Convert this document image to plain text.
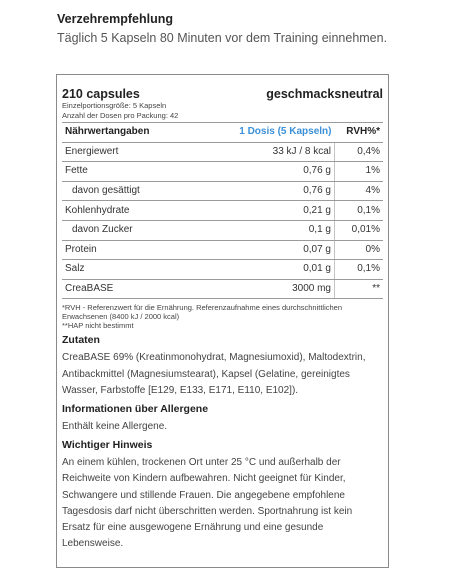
Verzehrempfehlung
Täglich 5 Kapseln 80 Minuten vor dem Training einnehmen.
210 capsules	geschmacksneutral
Einzelportionsgröße: 5 Kapseln
Anzahl der Dosen pro Packung: 42
Nährwertangaben	1 Dosis (5 Kapseln)	RVH%*
Energiewert	33 kJ / 8 kcal	0,4%
Fette	0,76 g	1%
davon gesättigt	0,76 g	4%
Kohlenhydrate	0,21 g	0,1%
davon Zucker	0,1 g	0,01%
Protein	0,07 g	0%
Salz	0,01 g	0,1%
CreaBASE	3000 mg	**
*RVH - Referenzwert für die Ernährung. Referenzaufnahme eines durchschnittlichen Erwachsenen (8400 kJ / 2000 kcal)
**HAP nicht bestimmt
Zutaten
CreaBASE 69% (Kreatinmonohydrat, Magnesiumoxid), Maltodextrin, Antibackmittel (Magnesiumstearat), Kapsel (Gelatine, gereinigtes Wasser, Farbstoffe [E129, E133, E171, E110, E102]).
Informationen über Allergene
Enthält keine Allergene.
Wichtiger Hinweis
An einem kühlen, trockenen Ort unter 25 °C und außerhalb der Reichweite von Kindern aufbewahren. Nicht geeignet für Kinder, Schwangere und stillende Frauen. Die angegebene empfohlene Tagesdosis darf nicht überschritten werden. Sportnahrung ist kein Ersatz für eine ausgewogene Ernährung und eine gesunde Lebensweise.
